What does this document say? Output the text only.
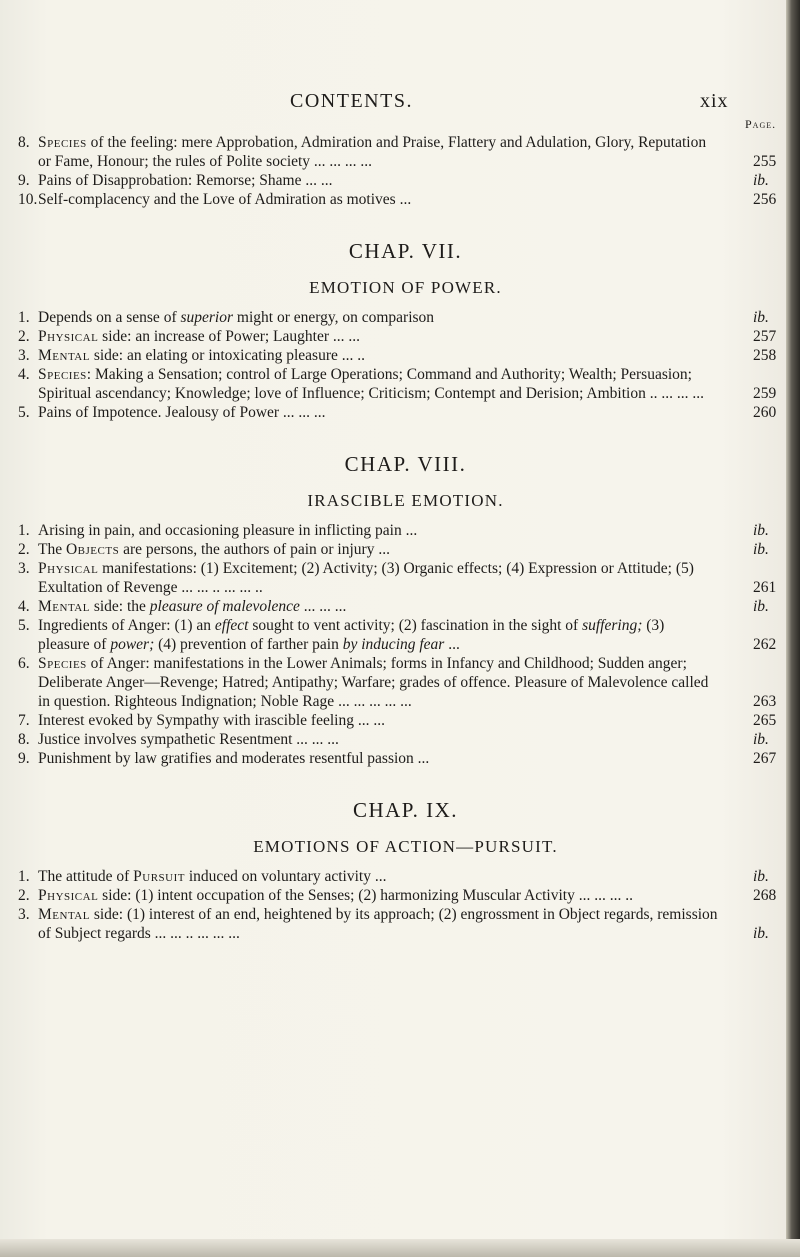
CONTENTS.	xix
Page.
8. Species of the feeling: mere Approbation, Admiration and Praise, Flattery and Adulation, Glory, Reputation or Fame, Honour; the rules of Polite society ... ... ... ...	255
9. Pains of Disapprobation: Remorse; Shame ... ...	ib.
10. Self-complacency and the Love of Admiration as motives ...	256
CHAP. VII.
EMOTION OF POWER.
1. Depends on a sense of superior might or energy, on comparison	ib.
2. Physical side: an increase of Power; Laughter ... ...	257
3. Mental side: an elating or intoxicating pleasure ... ..	258
4. Species: Making a Sensation; control of Large Operations; Command and Authority; Wealth; Persuasion; Spiritual ascendancy; Knowledge; love of Influence; Criticism; Contempt and Derision; Ambition .. ... ... ...	259
5. Pains of Impotence. Jealousy of Power ... ... ...	260
CHAP. VIII.
IRASCIBLE EMOTION.
1. Arising in pain, and occasioning pleasure in inflicting pain ...	ib.
2. The Objects are persons, the authors of pain or injury ...	ib.
3. Physical manifestations: (1) Excitement; (2) Activity; (3) Organic effects; (4) Expression or Attitude; (5) Exultation of Revenge ... ... .. ... ... ..	261
4. Mental side: the pleasure of malevolence ... ... ...	ib.
5. Ingredients of Anger: (1) an effect sought to vent activity; (2) fascination in the sight of suffering; (3) pleasure of power; (4) prevention of farther pain by inducing fear ...	262
6. Species of Anger: manifestations in the Lower Animals; forms in Infancy and Childhood; Sudden anger; Deliberate Anger—Revenge; Hatred; Antipathy; Warfare; grades of offence. Pleasure of Malevolence called in question. Righteous Indignation; Noble Rage ... ... ... ... ...	263
7. Interest evoked by Sympathy with irascible feeling ... ...	265
8. Justice involves sympathetic Resentment ... ... ...	ib.
9. Punishment by law gratifies and moderates resentful passion ...	267
CHAP. IX.
EMOTIONS OF ACTION—PURSUIT.
1. The attitude of Pursuit induced on voluntary activity ...	ib.
2. Physical side: (1) intent occupation of the Senses; (2) harmonizing Muscular Activity ... ... ... ..	268
3. Mental side: (1) interest of an end, heightened by its approach; (2) engrossment in Object regards, remission of Subject regards ... ... .. ... ... ...	ib.
